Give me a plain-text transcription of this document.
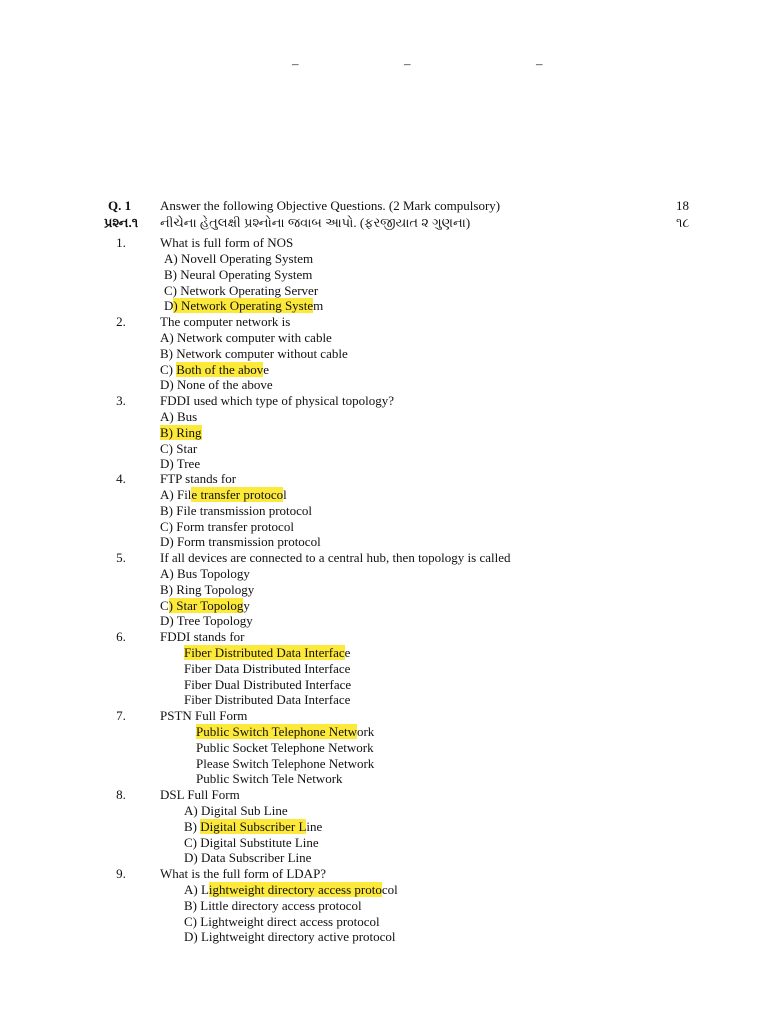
–	–	–
Q. 1 Answer the following Objective Questions. (2 Mark compulsory)	18
પ્રશ્ન.૧ નીચેના હેતુલક્ષી પ્રશ્નોના જવાબ આપો. (ફરજીયાત ૨ ગુણના)	૧૮
1.	What is full form of NOS
A) Novell Operating System
B) Neural Operating System
C) Network Operating Server
D) Network Operating System
2.	The computer network is
A) Network computer with cable
B) Network computer without cable
C) Both of the above
D) None of the above
3.	FDDI used which type of physical topology?
A) Bus
B) Ring
C) Star
D) Tree
4.	FTP stands for
A) File transfer protocol
B) File transmission protocol
C) Form transfer protocol
D) Form transmission protocol
5.	If all devices are connected to a central hub, then topology is called
A) Bus Topology
B) Ring Topology
C) Star Topology
D) Tree Topology
6.	FDDI stands for
Fiber Distributed Data Interface
Fiber Data Distributed Interface
Fiber Dual Distributed Interface
Fiber Distributed Data Interface
7.	PSTN Full Form
Public Switch Telephone Network
Public Socket Telephone Network
Please Switch Telephone Network
Public Switch Tele Network
8.	DSL Full Form
A) Digital Sub Line
B) Digital Subscriber Line
C) Digital Substitute Line
D) Data Subscriber Line
9.	What is the full form of LDAP?
A) Lightweight directory access protocol
B) Little directory access protocol
C) Lightweight direct access protocol
D) Lightweight directory active protocol
